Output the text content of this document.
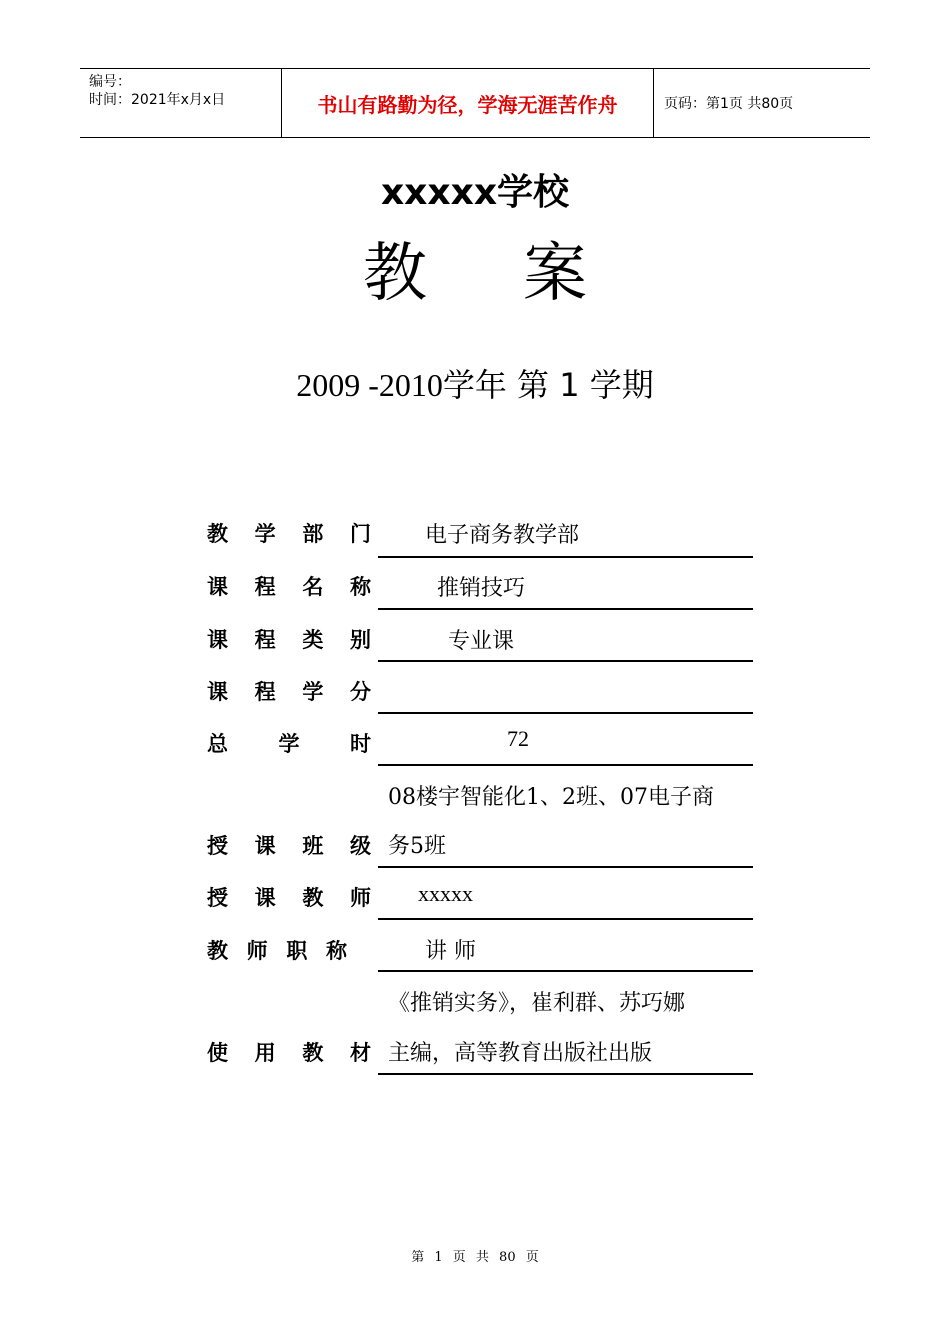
编号：
时间：2021年x月x日	书山有路勤为径，学海无涯苦作舟	页码：第1页 共80页
xxxxx学校
教案
2009 -2010学年 第 1 学期
教 学 部 门 电子商务教学部
课 程 名 称	推销技巧
课 程 类 别	专业课
课 程 学 分
总 学 时	72
08楼宇智能化1、2班、07电子商
授 课 班 级 务5班
授 课 教 师 xxxxx
教 师 职 称	讲 师
《推销实务》，崔利群、苏巧娜
使 用 教 材 主编，高等教育出版社出版
第 1 页 共 80 页
